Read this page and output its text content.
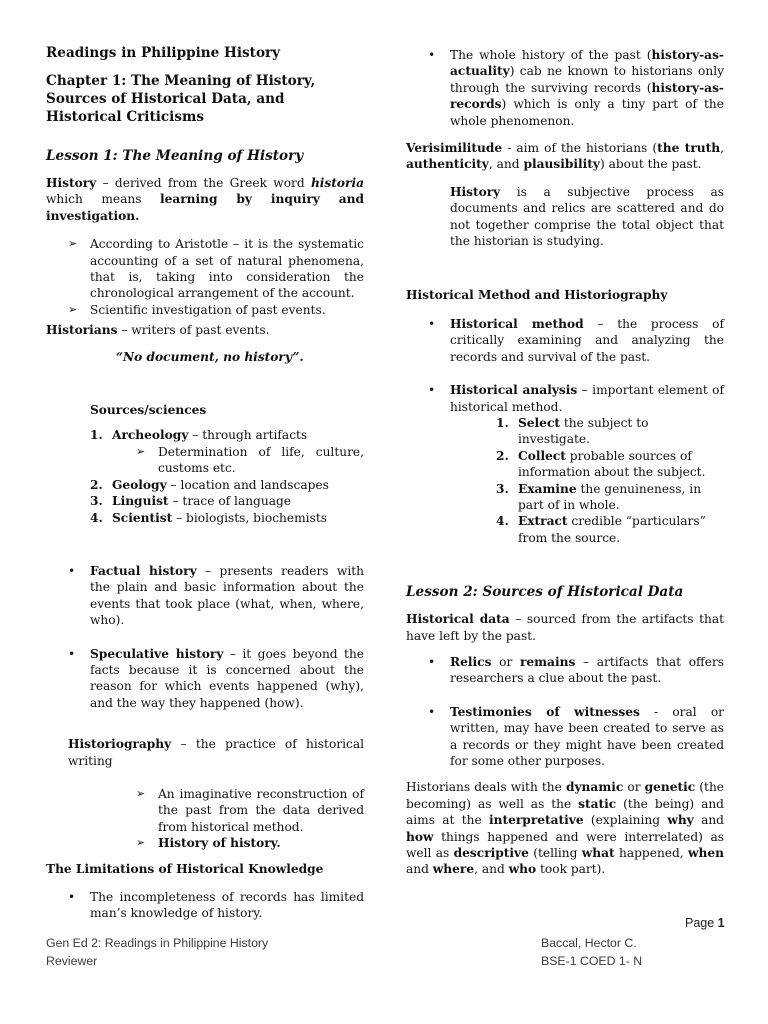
Readings in Philippine History

Chapter 1: The Meaning of History, Sources of Historical Data, and Historical Criticisms

Lesson 1: The Meaning of History

History – derived from the Greek word historia which means learning by inquiry and investigation.

➢ According to Aristotle – it is the systematic accounting of a set of natural phenomena, that is, taking into consideration the chronological arrangement of the account.
➢ Scientific investigation of past events.

Historians – writers of past events.

“No document, no history”.

Sources/sciences

1. Archeology – through artifacts
➢ Determination of life, culture, customs etc.
2. Geology – location and landscapes
3. Linguist – trace of language
4. Scientist – biologists, biochemists
• Factual history – presents readers with the plain and basic information about the events that took place (what, when, where, who).
• Speculative history – it goes beyond the facts because it is concerned about the reason for which events happened (why), and the way they happened (how).

Historiography – the practice of historical writing

➢ An imaginative reconstruction of the past from the data derived from historical method.
➢ History of history.

The Limitations of Historical Knowledge

• The incompleteness of records has limited man’s knowledge of history.
• The whole history of the past (history-as-actuality) cab ne known to historians only through the surviving records (history-as-records) which is only a tiny part of the whole phenomenon.

Verisimilitude - aim of the historians (the truth, authenticity, and plausibility) about the past.

History is a subjective process as documents and relics are scattered and do not together comprise the total object that the historian is studying.

Historical Method and Historiography

• Historical method – the process of critically examining and analyzing the records and survival of the past.
• Historical analysis – important element of historical method.
1. Select the subject to investigate.
2. Collect probable sources of information about the subject.
3. Examine the genuineness, in part of in whole.
4. Extract credible “particulars” from the source.

Lesson 2: Sources of Historical Data

Historical data – sourced from the artifacts that have left by the past.

• Relics or remains – artifacts that offers researchers a clue about the past.
• Testimonies of witnesses - oral or written, may have been created to serve as a records or they might have been created for some other purposes.

Historians deals with the dynamic or genetic (the becoming) as well as the static (the being) and aims at the interpretative (explaining why and how things happened and were interrelated) as well as descriptive (telling what happened, when and where, and who took part).

Page 1
Gen Ed 2: Readings in Philippine History
Reviewer
Baccal, Hector C.
BSE-1 COED 1- N
